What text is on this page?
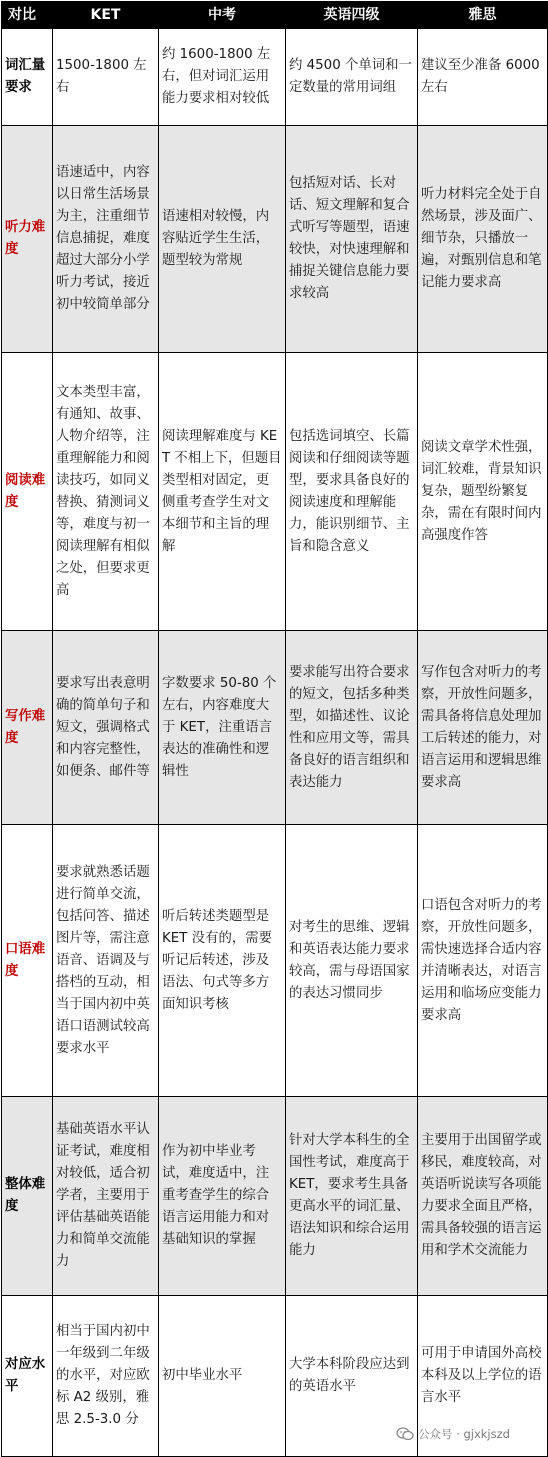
对比	KET	中考	英语四级	雅思
词汇量要求	1500-1800 左右	约 1600-1800 左右，但对词汇运用能力要求相对较低	约 4500 个单词和一定数量的常用词组	建议至少准备 6000 左右
听力难度	语速适中，内容以日常生活场景为主，注重细节信息捕捉，难度超过大部分小学听力考试，接近初中较简单部分	语速相对较慢，内容贴近学生生活，题型较为常规	包括短对话、长对话、短文理解和复合式听写等题型，语速较快，对快速理解和捕捉关键信息能力要求较高	听力材料完全处于自然场景，涉及面广、细节杂，只播放一遍，对甄别信息和笔记能力要求高
阅读难度	文本类型丰富，有通知、故事、人物介绍等，注重理解能力和阅读技巧，如同义替换、猜测词义等，难度与初一阅读理解有相似之处，但要求更高	阅读理解难度与 KET 不相上下，但题目类型相对固定，更侧重考查学生对文本细节和主旨的理解	包括选词填空、长篇阅读和仔细阅读等题型，要求具备良好的阅读速度和理解能力，能识别细节、主旨和隐含意义	阅读文章学术性强，词汇较难，背景知识复杂，题型纷繁复杂，需在有限时间内高强度作答
写作难度	要求写出表意明确的简单句子和短文，强调格式和内容完整性，如便条、邮件等	字数要求 50-80 个左右，内容难度大于 KET，注重语言表达的准确性和逻辑性	要求能写出符合要求的短文，包括多种类型，如描述性、议论性和应用文等，需具备良好的语言组织和表达能力	写作包含对听力的考察，开放性问题多，需具备将信息处理加工后转述的能力，对语言运用和逻辑思维要求高
口语难度	要求就熟悉话题进行简单交流，包括问答、描述图片等，需注意语音、语调及与搭档的互动，相当于国内初中英语口语测试较高要求水平	听后转述类题型是 KET 没有的，需要听记后转述，涉及语法、句式等多方面知识考核	对考生的思维、逻辑和英语表达能力要求较高，需与母语国家的表达习惯同步	口语包含对听力的考察，开放性问题多，需快速选择合适内容并清晰表达，对语言运用和临场应变能力要求高
整体难度	基础英语水平认证考试，难度相对较低，适合初学者，主要用于评估基础英语能力和简单交流能力	作为初中毕业考试，难度适中，注重考查学生的综合语言运用能力和对基础知识的掌握	针对大学本科生的全国性考试，难度高于 KET，要求考生具备更高水平的词汇量、语法知识和综合运用能力	主要用于出国留学或移民，难度较高，对英语听说读写各项能力要求全面且严格，需具备较强的语言运用和学术交流能力
对应水平	相当于国内初中一年级到二年级的水平，对应欧标 A2 级别，雅思 2.5-3.0 分	初中毕业水平	大学本科阶段应达到的英语水平	可用于申请国外高校本科及以上学位的语言水平
公众号 · gjxkjszd
